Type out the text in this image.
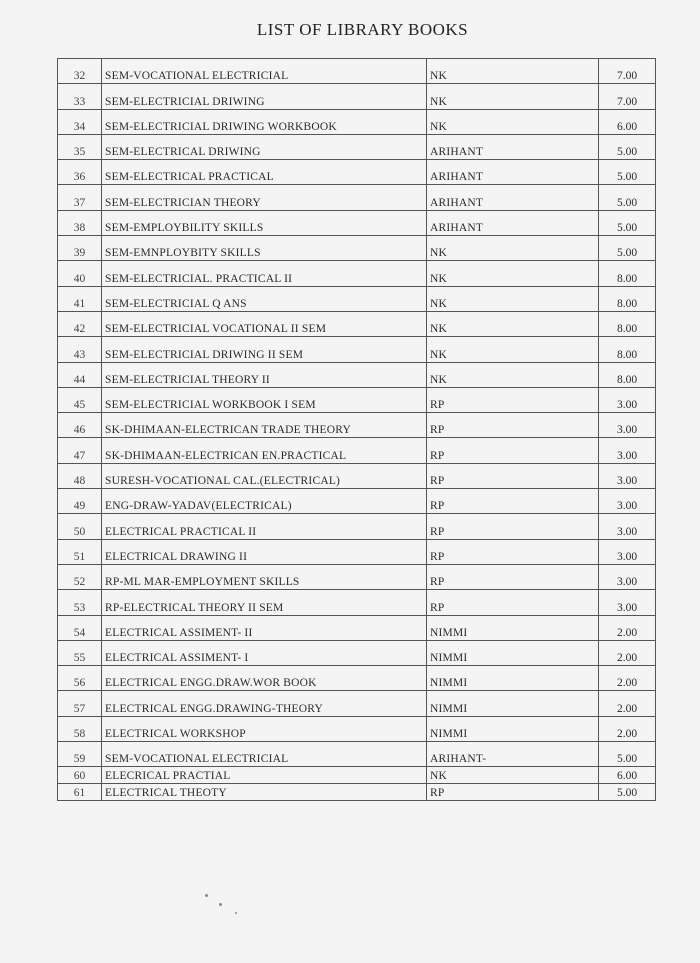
LIST OF LIBRARY BOOKS
32	SEM-VOCATIONAL ELECTRICIAL	NK	7.00
33	SEM-ELECTRICIAL DRIWING	NK	7.00
34	SEM-ELECTRICIAL DRIWING WORKBOOK	NK	6.00
35	SEM-ELECTRICAL DRIWING	ARIHANT	5.00
36	SEM-ELECTRICAL PRACTICAL	ARIHANT	5.00
37	SEM-ELECTRICIAN THEORY	ARIHANT	5.00
38	SEM-EMPLOYBILITY SKILLS	ARIHANT	5.00
39	SEM-EMNPLOYBITY SKILLS	NK	5.00
40	SEM-ELECTRICIAL. PRACTICAL II	NK	8.00
41	SEM-ELECTRICIAL Q ANS	NK	8.00
42	SEM-ELECTRICIAL VOCATIONAL II SEM	NK	8.00
43	SEM-ELECTRICIAL DRIWING II SEM	NK	8.00
44	SEM-ELECTRICIAL THEORY II	NK	8.00
45	SEM-ELECTRICIAL WORKBOOK I SEM	RP	3.00
46	SK-DHIMAAN-ELECTRICAN TRADE THEORY	RP	3.00
47	SK-DHIMAAN-ELECTRICAN EN.PRACTICAL	RP	3.00
48	SURESH-VOCATIONAL CAL.(ELECTRICAL)	RP	3.00
49	ENG-DRAW-YADAV(ELECTRICAL)	RP	3.00
50	ELECTRICAL PRACTICAL II	RP	3.00
51	ELECTRICAL DRAWING II	RP	3.00
52	RP-ML MAR-EMPLOYMENT SKILLS	RP	3.00
53	RP-ELECTRICAL THEORY II SEM	RP	3.00
54	ELECTRICAL ASSIMENT- II	NIMMI	2.00
55	ELECTRICAL ASSIMENT- I	NIMMI	2.00
56	ELECTRICAL ENGG.DRAW.WOR BOOK	NIMMI	2.00
57	ELECTRICAL ENGG.DRAWING-THEORY	NIMMI	2.00
58	ELECTRICAL WORKSHOP	NIMMI	2.00
59	SEM-VOCATIONAL ELECTRICIAL	ARIHANT-	5.00
60	ELECRICAL PRACTIAL	NK	6.00
61	ELECTRICAL THEOTY	RP	5.00
